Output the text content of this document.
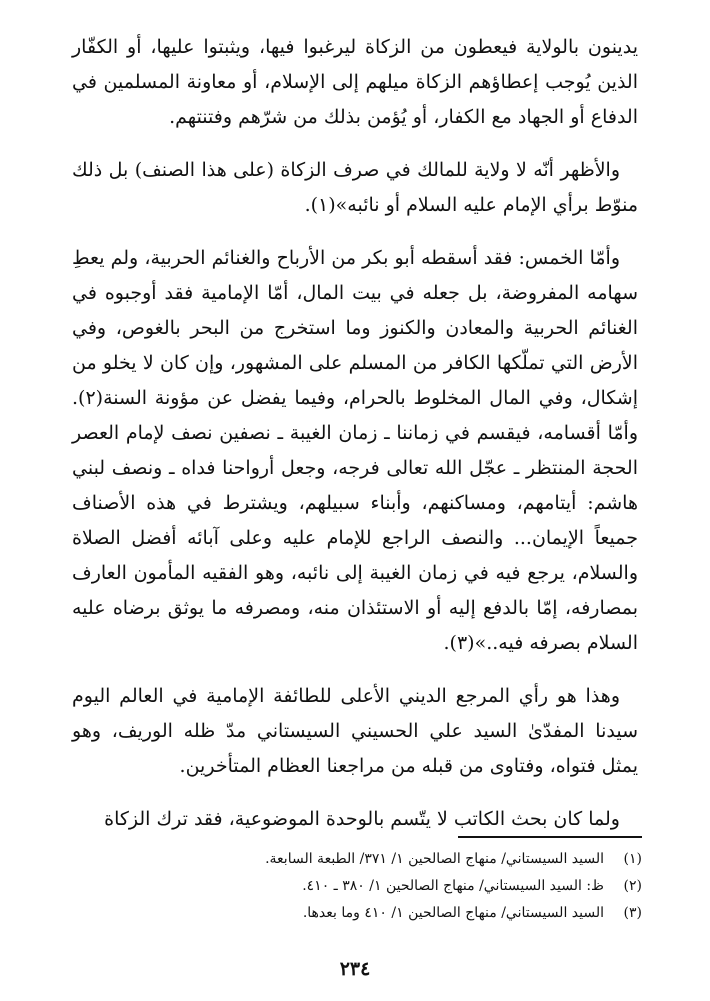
يدينون بالولاية فيعطون من الزكاة ليرغبوا فيها، ويثبتوا عليها، أو الكفّار الذين يُوجب إعطاؤهم الزكاة ميلهم إلى الإسلام، أو معاونة المسلمين في الدفاع أو الجهاد مع الكفار، أو يُؤمن بذلك من شرّهم وفتنتهم.

والأظهر أنّه لا ولاية للمالك في صرف الزكاة (على هذا الصنف) بل ذلك منوّط برأي الإمام عليه السلام أو نائبه»(١).

وأمّا الخمس: فقد أسقطه أبو بكر من الأرباح والغنائم الحربية، ولم يعطِ سهامه المفروضة، بل جعله في بيت المال، أمّا الإمامية فقد أوجبوه في الغنائم الحربية والمعادن والكنوز وما استخرج من البحر بالغوص، وفي الأرض التي تملّكها الكافر من المسلم على المشهور، وإن كان لا يخلو من إشكال، وفي المال المخلوط بالحرام، وفيما يفضل عن مؤونة السنة(٢). وأمّا أقسامه، فيقسم في زماننا ـ زمان الغيبة ـ نصفين نصف لإمام العصر الحجة المنتظر ـ عجّل الله تعالى فرجه، وجعل أرواحنا فداه ـ ونصف لبني هاشم: أيتامهم، ومساكنهم، وأبناء سبيلهم، ويشترط في هذه الأصناف جميعاً الإيمان... والنصف الراجع للإمام عليه وعلى آبائه أفضل الصلاة والسلام، يرجع فيه في زمان الغيبة إلى نائبه، وهو الفقيه المأمون العارف بمصارفه، إمّا بالدفع إليه أو الاستئذان منه، ومصرفه ما يوثق برضاه عليه السلام بصرفه فيه..»(٣).

وهذا هو رأي المرجع الديني الأعلى للطائفة الإمامية في العالم اليوم سيدنا المفدّىٰ السيد علي الحسيني السيستاني مدّ ظله الوريف، وهو يمثل فتواه، وفتاوى من قبله من مراجعنا العظام المتأخرين.

ولما كان بحث الكاتب لا يتّسم بالوحدة الموضوعية، فقد ترك الزكاة

(١)
السيد السيستاني/ منهاج الصالحين ١/ ٣٧١/ الطبعة السابعة.

(٢)
ظ: السيد السيستاني/ منهاج الصالحين ١/ ٣٨٠ ـ ٤١٠.

(٣)
السيد السيستاني/ منهاج الصالحين ١/ ٤١٠ وما بعدها.

٢٣٤
